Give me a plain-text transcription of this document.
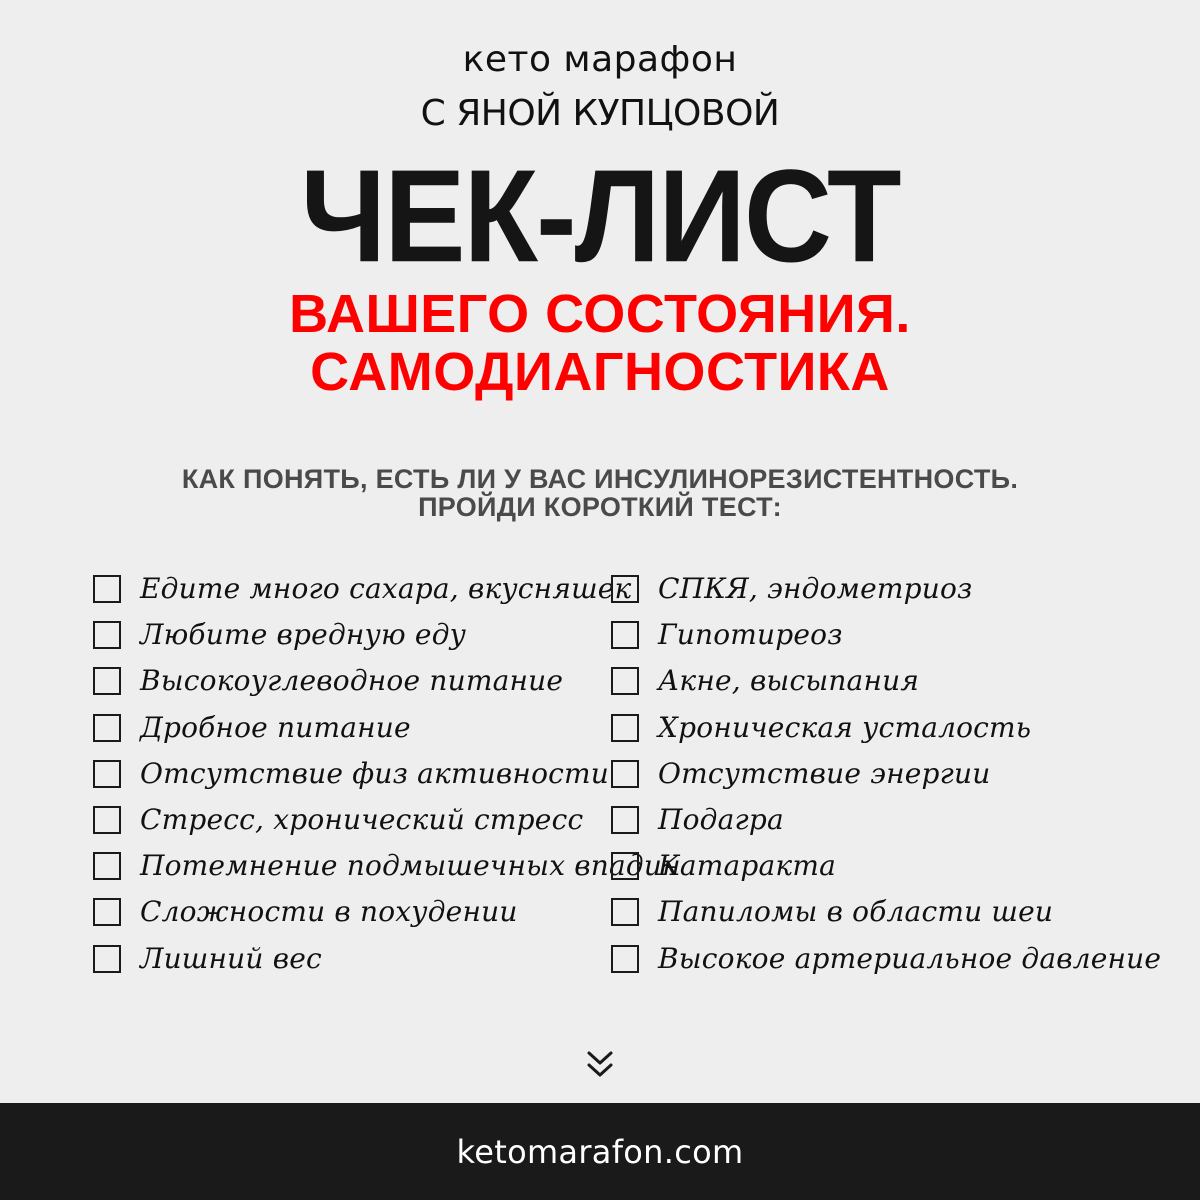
кето марафон
С ЯНОЙ КУПЦОВОЙ
ЧЕК-ЛИСТ
ВАШЕГО СОСТОЯНИЯ.
САМОДИАГНОСТИКА
КАК ПОНЯТЬ, ЕСТЬ ЛИ У ВАС ИНСУЛИНОРЕЗИСТЕНТНОСТЬ.
ПРОЙДИ КОРОТКИЙ ТЕСТ:
Едите много сахара, вкусняшек
Любите вредную еду
Высокоуглеводное питание
Дробное питание
Отсутствие физ активности
Стресс, хронический стресс
Потемнение подмышечных впадин
Сложности в похудении
Лишний вес
СПКЯ, эндометриоз
Гипотиреоз
Акне, высыпания
Хроническая усталость
Отсутствие энергии
Подагра
Катаракта
Папиломы в области шеи
Высокое артериальное давление
ketomarafon.com
